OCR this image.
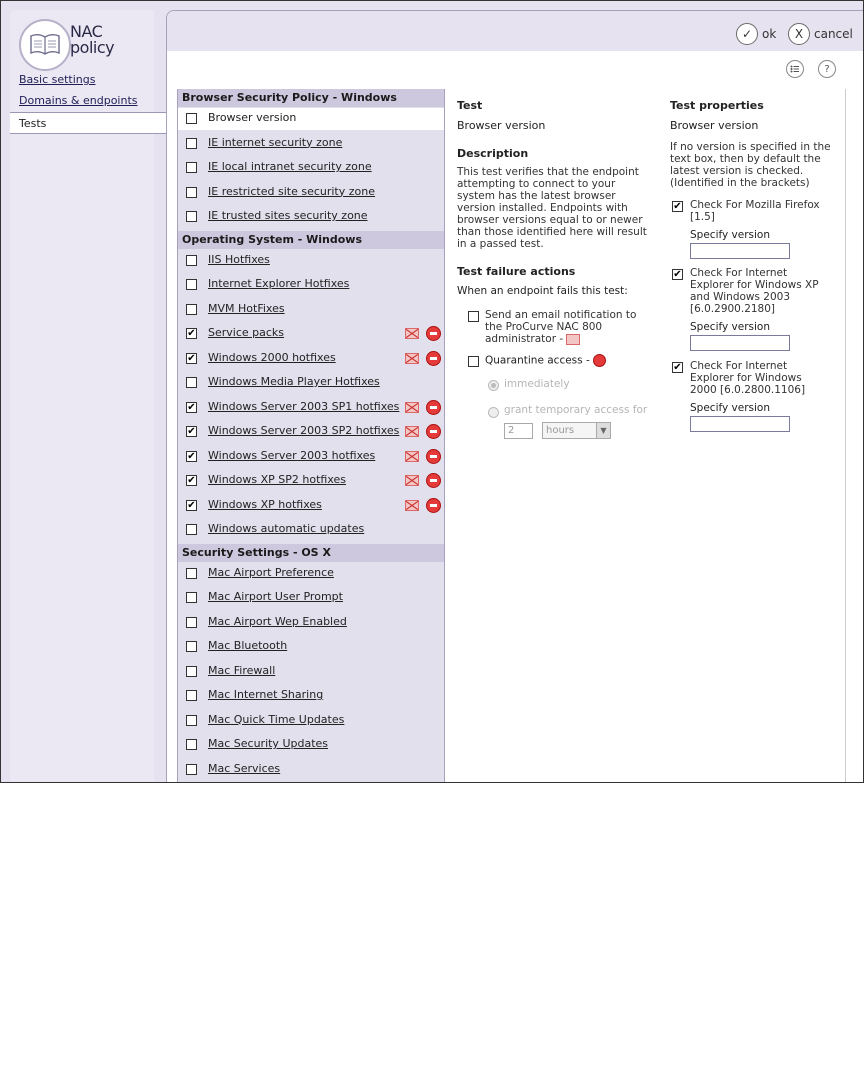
NAC
policy
Basic settings
Domains & endpoints
Tests
✓ ok	X cancel
?
Browser Security Policy - Windows
Browser version
IE internet security zone
IE local intranet security zone
IE restricted site security zone
IE trusted sites security zone
Operating System - Windows
IIS Hotfixes
Internet Explorer Hotfixes
MVM HotFixes
✔ Service packs
✔ Windows 2000 hotfixes
Windows Media Player Hotfixes
✔ Windows Server 2003 SP1 hotfixes
✔ Windows Server 2003 SP2 hotfixes
✔ Windows Server 2003 hotfixes
✔ Windows XP SP2 hotfixes
✔ Windows XP hotfixes
Windows automatic updates
Security Settings - OS X
Mac Airport Preference
Mac Airport User Prompt
Mac Airport Wep Enabled
Mac Bluetooth
Mac Firewall
Mac Internet Sharing
Mac Quick Time Updates
Mac Security Updates
Mac Services
Test
Browser version
Description
This test verifies that the endpoint attempting to connect to your system has the latest browser version installed. Endpoints with browser versions equal to or newer than those identified here will result in a passed test.
Test failure actions
When an endpoint fails this test:
Send an email notification to the ProCurve NAC 800 administrator -
Quarantine access -
immediately
grant temporary access for
2	hours	▼
Test properties
Browser version
If no version is specified in the text box, then by default the latest version is checked. (Identified in the brackets)
✔ Check For Mozilla Firefox [1.5]
Specify version
✔ Check For Internet Explorer for Windows XP and Windows 2003 [6.0.2900.2180]
Specify version
✔ Check For Internet Explorer for Windows 2000 [6.0.2800.1106]
Specify version
